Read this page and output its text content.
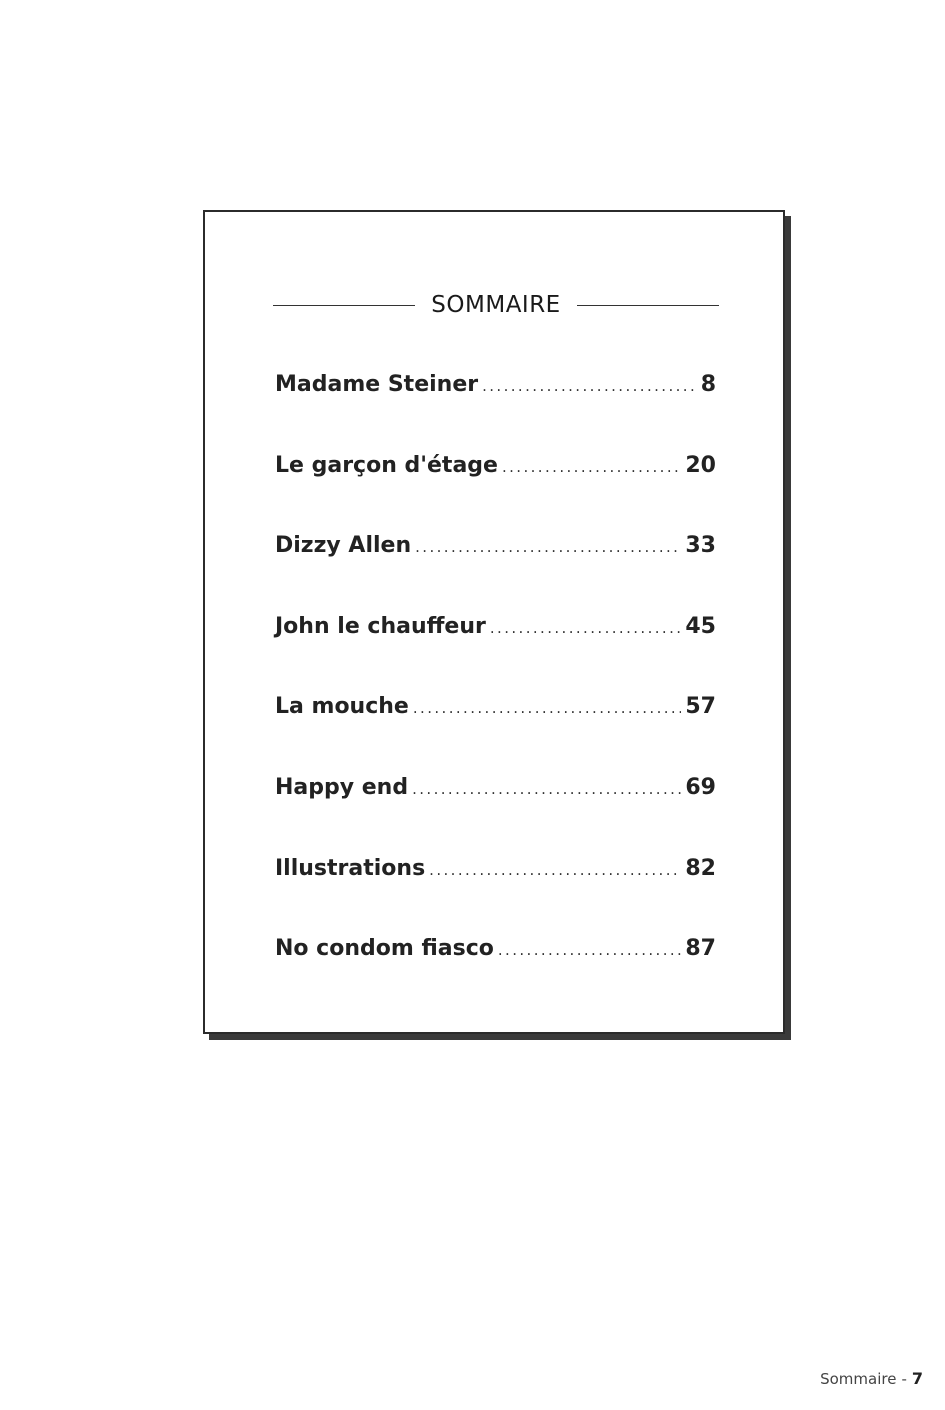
SOMMAIRE
Madame Steiner .....	8
Le garçon d'étage .....	20
Dizzy Allen .....	33
John le chauffeur .....	45
La mouche .....	57
Happy end .....	69
Illustrations .....	82
No condom fiasco .....	87
Sommaire - 7
